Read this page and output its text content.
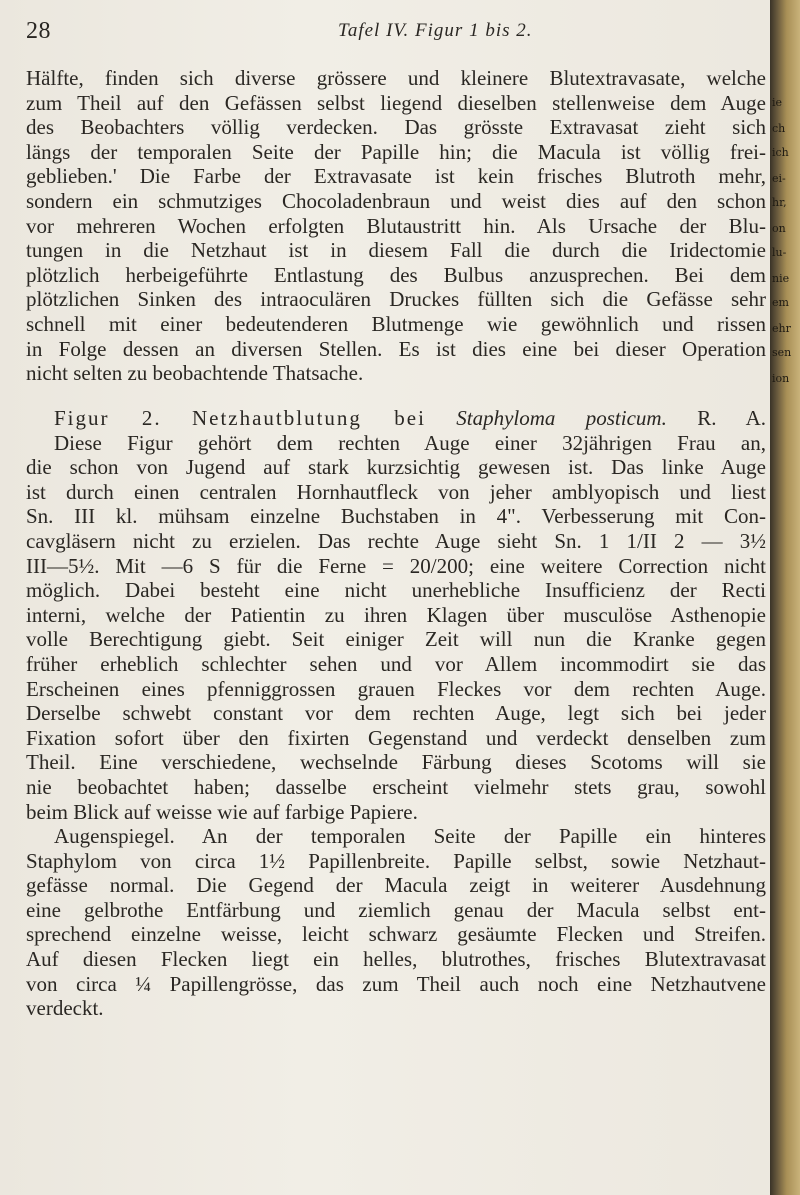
28	Tafel IV. Figur 1 bis 2.
Hälfte, finden sich diverse grössere und kleinere Blutextravasate, welche
zum Theil auf den Gefässen selbst liegend dieselben stellenweise dem Auge
des Beobachters völlig verdecken. Das grösste Extravasat zieht sich
längs der temporalen Seite der Papille hin; die Macula ist völlig frei-
geblieben.' Die Farbe der Extravasate ist kein frisches Blutroth mehr,
sondern ein schmutziges Chocoladenbraun und weist dies auf den schon
vor mehreren Wochen erfolgten Blutaustritt hin. Als Ursache der Blu-
tungen in die Netzhaut ist in diesem Fall die durch die Iridectomie
plötzlich herbeigeführte Entlastung des Bulbus anzusprechen. Bei dem
plötzlichen Sinken des intraoculären Druckes füllten sich die Gefässe sehr
schnell mit einer bedeutenderen Blutmenge wie gewöhnlich und rissen
in Folge dessen an diversen Stellen. Es ist dies eine bei dieser Operation
nicht selten zu beobachtende Thatsache.
Figur 2. Netzhautblutung bei Staphyloma posticum. R. A.
Diese Figur gehört dem rechten Auge einer 32jährigen Frau an,
die schon von Jugend auf stark kurzsichtig gewesen ist. Das linke Auge
ist durch einen centralen Hornhautfleck von jeher amblyopisch und liest
Sn. III kl. mühsam einzelne Buchstaben in 4". Verbesserung mit Con-
cavgläsern nicht zu erzielen. Das rechte Auge sieht Sn. 1 1/II 2 — 3½
III—5½. Mit —6 S für die Ferne = 20/200; eine weitere Correction nicht
möglich. Dabei besteht eine nicht unerhebliche Insufficienz der Recti
interni, welche der Patientin zu ihren Klagen über musculöse Asthenopie
volle Berechtigung giebt. Seit einiger Zeit will nun die Kranke gegen
früher erheblich schlechter sehen und vor Allem incommodirt sie das
Erscheinen eines pfenniggrossen grauen Fleckes vor dem rechten Auge.
Derselbe schwebt constant vor dem rechten Auge, legt sich bei jeder
Fixation sofort über den fixirten Gegenstand und verdeckt denselben zum
Theil. Eine verschiedene, wechselnde Färbung dieses Scotoms will sie
nie beobachtet haben; dasselbe erscheint vielmehr stets grau, sowohl
beim Blick auf weisse wie auf farbige Papiere.
Augenspiegel. An der temporalen Seite der Papille ein hinteres
Staphylom von circa 1½ Papillenbreite. Papille selbst, sowie Netzhaut-
gefässe normal. Die Gegend der Macula zeigt in weiterer Ausdehnung
eine gelbrothe Entfärbung und ziemlich genau der Macula selbst ent-
sprechend einzelne weisse, leicht schwarz gesäumte Flecken und Streifen.
Auf diesen Flecken liegt ein helles, blutrothes, frisches Blutextravasat
von circa ¼ Papillengrösse, das zum Theil auch noch eine Netzhautvene
verdeckt.
ie
ch
ich
ei-
hr,
on
lu-
nie
em
ehr
sen
ion
